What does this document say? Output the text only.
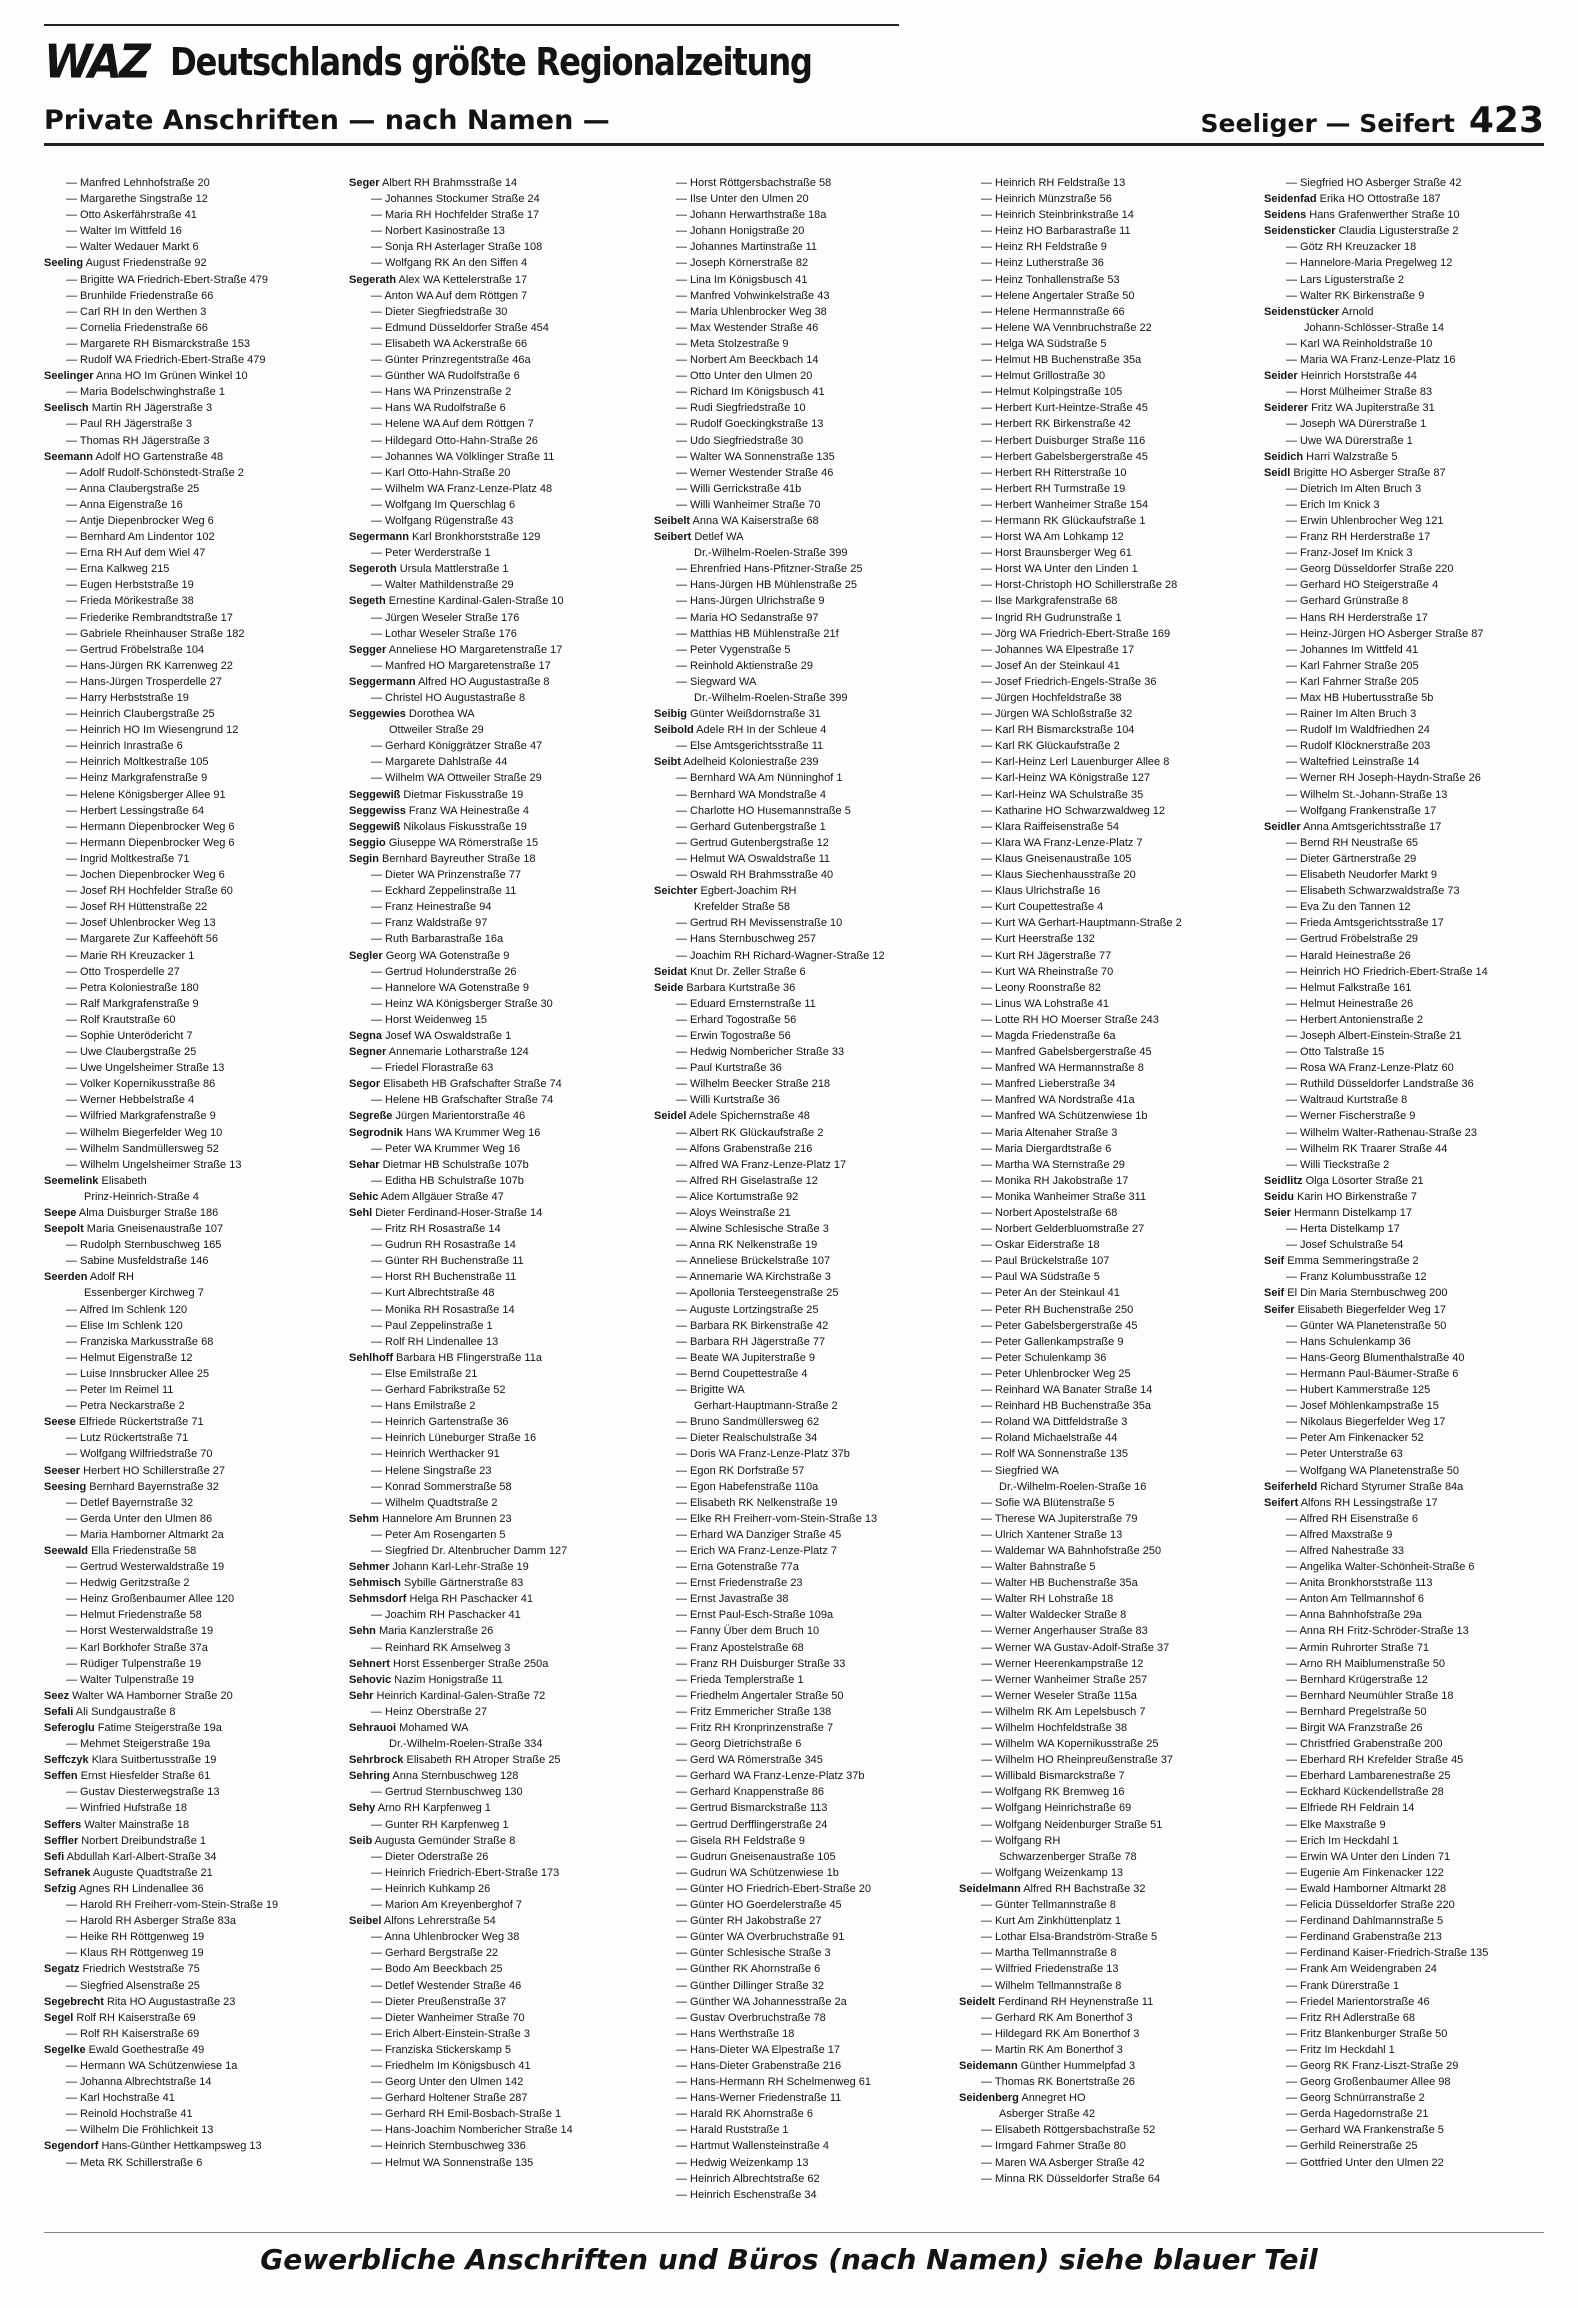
WAZ Deutschlands größte Regionalzeitung
Private Anschriften — nach Namen —	Seeliger — Seifert 423
— Manfred Lehnhofstraße 20
— Margarethe Singstraße 12
— Otto Askerfährstraße 41
— Walter Im Wittfeld 16
— Walter Wedauer Markt 6
Seeling August Friedenstraße 92
— Brigitte WA Friedrich-Ebert-Straße 479
— Brunhilde Friedenstraße 66
— Carl RH In den Werthen 3
— Cornelia Friedenstraße 66
— Margarete RH Bismarckstraße 153
— Rudolf WA Friedrich-Ebert-Straße 479
Seelinger Anna HO Im Grünen Winkel 10
— Maria Bodelschwinghstraße 1
Seelisch Martin RH Jägerstraße 3
— Paul RH Jägerstraße 3
— Thomas RH Jägerstraße 3
Seemann Adolf HO Gartenstraße 48
— Adolf Rudolf-Schönstedt-Straße 2
— Anna Claubergstraße 25
— Anna Eigenstraße 16
— Antje Diepenbrocker Weg 6
— Bernhard Am Lindentor 102
— Erna RH Auf dem Wiel 47
— Erna Kalkweg 215
— Eugen Herbststraße 19
— Frieda Mörikestraße 38
— Friederike Rembrandtstraße 17
— Gabriele Rheinhauser Straße 182
— Gertrud Fröbelstraße 104
— Hans-Jürgen RK Karrenweg 22
— Hans-Jürgen Trosperdelle 27
— Harry Herbststraße 19
— Heinrich Claubergstraße 25
— Heinrich HO Im Wiesengrund 12
— Heinrich Inrastraße 6
— Heinrich Moltkestraße 105
— Heinz Markgrafenstraße 9
— Helene Königsberger Allee 91
— Herbert Lessingstraße 64
— Hermann Diepenbrocker Weg 6
— Hermann Diepenbrocker Weg 6
— Ingrid Moltkestraße 71
— Jochen Diepenbrocker Weg 6
— Josef RH Hochfelder Straße 60
— Josef RH Hüttenstraße 22
— Josef Uhlenbrocker Weg 13
— Margarete Zur Kaffeehöft 56
— Marie RH Kreuzacker 1
— Otto Trosperdelle 27
— Petra Koloniestraße 180
— Ralf Markgrafenstraße 9
— Rolf Krautstraße 60
— Sophie Unterödericht 7
— Uwe Claubergstraße 25
— Uwe Ungelsheimer Straße 13
— Volker Kopernikusstraße 86
— Werner Hebbelstraße 4
— Wilfried Markgrafenstraße 9
— Wilhelm Biegerfelder Weg 10
— Wilhelm Sandmüllersweg 52
— Wilhelm Ungelsheimer Straße 13
Seemelink Elisabeth
Prinz-Heinrich-Straße 4
Seepe Alma Duisburger Straße 186
Seepolt Maria Gneisenaustraße 107
— Rudolph Sternbuschweg 165
— Sabine Musfeldstraße 146
Seerden Adolf RH
Essenberger Kirchweg 7
— Alfred Im Schlenk 120
— Elise Im Schlenk 120
— Franziska Markusstraße 68
— Helmut Eigenstraße 12
— Luise Innsbrucker Allee 25
— Peter Im Reimel 11
— Petra Neckarstraße 2
Seese Elfriede Rückertstraße 71
— Lutz Rückertstraße 71
— Wolfgang Wilfriedstraße 70
Seeser Herbert HO Schillerstraße 27
Seesing Bernhard Bayernstraße 32
— Detlef Bayernstraße 32
— Gerda Unter den Ulmen 86
— Maria Hamborner Altmarkt 2a
Seewald Ella Friedenstraße 58
— Gertrud Westerwaldstraße 19
— Hedwig Geritzstraße 2
— Heinz Großenbaumer Allee 120
— Helmut Friedenstraße 58
— Horst Westerwaldstraße 19
— Karl Borkhofer Straße 37a
— Rüdiger Tulpenstraße 19
— Walter Tulpenstraße 19
Seez Walter WA Hamborner Straße 20
Sefali Ali Sundgaustraße 8
Seferoglu Fatime Steigerstraße 19a
— Mehmet Steigerstraße 19a
Seffczyk Klara Suitbertusstraße 19
Seffen Ernst Hiesfelder Straße 61
— Gustav Diesterwegstraße 13
— Winfried Hufstraße 18
Seffers Walter Mainstraße 18
Seffler Norbert Dreibundstraße 1
Sefi Abdullah Karl-Albert-Straße 34
Sefranek Auguste Quadtstraße 21
Sefzig Agnes RH Lindenallee 36
— Harold RH Freiherr-vom-Stein-Straße 19
— Harold RH Asberger Straße 83a
— Heike RH Röttgenweg 19
— Klaus RH Röttgenweg 19
Segatz Friedrich Weststraße 75
— Siegfried Alsenstraße 25
Segebrecht Rita HO Augustastraße 23
Segel Rolf RH Kaiserstraße 69
— Rolf RH Kaiserstraße 69
Segelke Ewald Goethestraße 49
— Hermann WA Schützenwiese 1a
— Johanna Albrechtstraße 14
— Karl Hochstraße 41
— Reinold Hochstraße 41
— Wilhelm Die Fröhlichkeit 13
Segendorf Hans-Günther Hettkampsweg 13
— Meta RK Schillerstraße 6
Seger Albert RH Brahmsstraße 14
— Johannes Stockumer Straße 24
— Maria RH Hochfelder Straße 17
— Norbert Kasinostraße 13
— Sonja RH Asterlager Straße 108
— Wolfgang RK An den Siffen 4
Segerath Alex WA Kettelerstraße 17
— Anton WA Auf dem Röttgen 7
— Dieter Siegfriedstraße 30
— Edmund Düsseldorfer Straße 454
— Elisabeth WA Ackerstraße 66
— Günter Prinzregentstraße 46a
— Günther WA Rudolfstraße 6
— Hans WA Prinzenstraße 2
— Hans WA Rudolfstraße 6
— Helene WA Auf dem Röttgen 7
— Hildegard Otto-Hahn-Straße 26
— Johannes WA Völklinger Straße 11
— Karl Otto-Hahn-Straße 20
— Wilhelm WA Franz-Lenze-Platz 48
— Wolfgang Im Querschlag 6
— Wolfgang Rügenstraße 43
Segermann Karl Bronkhorststraße 129
— Peter Werderstraße 1
Segeroth Ursula Mattlerstraße 1
— Walter Mathildenstraße 29
Segeth Ernestine Kardinal-Galen-Straße 10
— Jürgen Weseler Straße 176
— Lothar Weseler Straße 176
Segger Anneliese HO Margaretenstraße 17
— Manfred HO Margaretenstraße 17
Seggermann Alfred HO Augustastraße 8
— Christel HO Augustastraße 8
Seggewies Dorothea WA
Ottweiler Straße 29
— Gerhard Königgrätzer Straße 47
— Margarete Dahlstraße 44
— Wilhelm WA Ottweiler Straße 29
Seggewiß Dietmar Fiskusstraße 19
Seggewiss Franz WA Heinestraße 4
Seggewiß Nikolaus Fiskusstraße 19
Seggio Giuseppe WA Römerstraße 15
Segin Bernhard Bayreuther Straße 18
— Dieter WA Prinzenstraße 77
— Eckhard Zeppelinstraße 11
— Franz Heinestraße 94
— Franz Waldstraße 97
— Ruth Barbarastraße 16a
Segler Georg WA Gotenstraße 9
— Gertrud Holunderstraße 26
— Hannelore WA Gotenstraße 9
— Heinz WA Königsberger Straße 30
— Horst Weidenweg 15
Segna Josef WA Oswaldstraße 1
Segner Annemarie Lotharstraße 124
— Friedel Florastraße 63
Segor Elisabeth HB Grafschafter Straße 74
— Helene HB Grafschafter Straße 74
Segreße Jürgen Marientorstraße 46
Segrodnik Hans WA Krummer Weg 16
— Peter WA Krummer Weg 16
Sehar Dietmar HB Schulstraße 107b
— Editha HB Schulstraße 107b
Sehic Adem Allgäuer Straße 47
Sehl Dieter Ferdinand-Hoser-Straße 14
— Fritz RH Rosastraße 14
— Gudrun RH Rosastraße 14
— Günter RH Buchenstraße 11
— Horst RH Buchenstraße 11
— Kurt Albrechtstraße 48
— Monika RH Rosastraße 14
— Paul Zeppelinstraße 1
— Rolf RH Lindenallee 13
Sehlhoff Barbara HB Flingerstraße 11a
— Else Emilstraße 21
— Gerhard Fabrikstraße 52
— Hans Emilstraße 2
— Heinrich Gartenstraße 36
— Heinrich Lüneburger Straße 16
— Heinrich Werthacker 91
— Helene Singstraße 23
— Konrad Sommerstraße 58
— Wilhelm Quadtstraße 2
Sehm Hannelore Am Brunnen 23
— Peter Am Rosengarten 5
— Siegfried Dr. Altenbrucher Damm 127
Sehmer Johann Karl-Lehr-Straße 19
Sehmisch Sybille Gärtnerstraße 83
Sehmsdorf Helga RH Paschacker 41
— Joachim RH Paschacker 41
Sehn Maria Kanzlerstraße 26
— Reinhard RK Amselweg 3
Sehnert Horst Essenberger Straße 250a
Sehovic Nazim Honigstraße 11
Sehr Heinrich Kardinal-Galen-Straße 72
— Heinz Oberstraße 27
Sehrauoi Mohamed WA
Dr.-Wilhelm-Roelen-Straße 334
Sehrbrock Elisabeth RH Atroper Straße 25
Sehring Anna Sternbuschweg 128
— Gertrud Sternbuschweg 130
Sehy Arno RH Karpfenweg 1
— Gunter RH Karpfenweg 1
Seib Augusta Gemünder Straße 8
— Dieter Oderstraße 26
— Heinrich Friedrich-Ebert-Straße 173
— Heinrich Kuhkamp 26
— Marion Am Kreyenberghof 7
Seibel Alfons Lehrerstraße 54
— Anna Uhlenbrocker Weg 38
— Gerhard Bergstraße 22
— Bodo Am Beeckbach 25
— Detlef Westender Straße 46
— Dieter Preußenstraße 37
— Dieter Wanheimer Straße 70
— Erich Albert-Einstein-Straße 3
— Franziska Stickerskamp 5
— Friedhelm Im Königsbusch 41
— Georg Unter den Ulmen 142
— Gerhard Holtener Straße 287
— Gerhard RH Emil-Bosbach-Straße 1
— Hans-Joachim Nombericher Straße 14
— Heinrich Sternbuschweg 336
— Helmut WA Sonnenstraße 135
— Horst Röttgersbachstraße 58
— Ilse Unter den Ulmen 20
— Johann Herwarthstraße 18a
— Johann Honigstraße 20
— Johannes Martinstraße 11
— Joseph Körnerstraße 82
— Lina Im Königsbusch 41
— Manfred Vohwinkelstraße 43
— Maria Uhlenbrocker Weg 38
— Max Westender Straße 46
— Meta Stolzestraße 9
— Norbert Am Beeckbach 14
— Otto Unter den Ulmen 20
— Richard Im Königsbusch 41
— Rudi Siegfriedstraße 10
— Rudolf Goeckingkstraße 13
— Udo Siegfriedstraße 30
— Walter WA Sonnenstraße 135
— Werner Westender Straße 46
— Willi Gerrickstraße 41b
— Willi Wanheimer Straße 70
Seibelt Anna WA Kaiserstraße 68
Seibert Detlef WA
Dr.-Wilhelm-Roelen-Straße 399
— Ehrenfried Hans-Pfitzner-Straße 25
— Hans-Jürgen HB Mühlenstraße 25
— Hans-Jürgen Ulrichstraße 9
— Maria HO Sedanstraße 97
— Matthias HB Mühlenstraße 21f
— Peter Vygenstraße 5
— Reinhold Aktienstraße 29
— Siegward WA
Dr.-Wilhelm-Roelen-Straße 399
Seibig Günter Weißdornstraße 31
Seibold Adele RH In der Schleue 4
— Else Amtsgerichtsstraße 11
Seibt Adelheid Koloniestraße 239
— Bernhard WA Am Nünninghof 1
— Bernhard WA Mondstraße 4
— Charlotte HO Husemannstraße 5
— Gerhard Gutenbergstraße 1
— Gertrud Gutenbergstraße 12
— Helmut WA Oswaldstraße 11
— Oswald RH Brahmsstraße 40
Seichter Egbert-Joachim RH
Krefelder Straße 58
— Gertrud RH Mevissenstraße 10
— Hans Sternbuschweg 257
— Joachim RH Richard-Wagner-Straße 12
Seidat Knut Dr. Zeller Straße 6
Seide Barbara Kurtstraße 36
— Eduard Ernsternstraße 11
— Erhard Togostraße 56
— Erwin Togostraße 56
— Hedwig Nombericher Straße 33
— Paul Kurtstraße 36
— Wilhelm Beecker Straße 218
— Willi Kurtstraße 36
Seidel Adele Spichernstraße 48
— Albert RK Glückaufstraße 2
— Alfons Grabenstraße 216
— Alfred WA Franz-Lenze-Platz 17
— Alfred RH Giselastraße 12
— Alice Kortumstraße 92
— Aloys Weinstraße 21
— Alwine Schlesische Straße 3
— Anna RK Nelkenstraße 19
— Anneliese Brückelstraße 107
— Annemarie WA Kirchstraße 3
— Apollonia Tersteegenstraße 25
— Auguste Lortzingstraße 25
— Barbara RK Birkenstraße 42
— Barbara RH Jägerstraße 77
— Beate WA Jupiterstraße 9
— Bernd Coupettestraße 4
— Brigitte WA
Gerhart-Hauptmann-Straße 2
— Bruno Sandmüllersweg 62
— Dieter Realschulstraße 34
— Doris WA Franz-Lenze-Platz 37b
— Egon RK Dorfstraße 57
— Egon Habefenstraße 110a
— Elisabeth RK Nelkenstraße 19
— Elke RH Freiherr-vom-Stein-Straße 13
— Erhard WA Danziger Straße 45
— Erich WA Franz-Lenze-Platz 7
— Erna Gotenstraße 77a
— Ernst Friedenstraße 23
— Ernst Javastraße 38
— Ernst Paul-Esch-Straße 109a
— Fanny Über dem Bruch 10
— Franz Apostelstraße 68
— Franz RH Duisburger Straße 33
— Frieda Templerstraße 1
— Friedhelm Angertaler Straße 50
— Fritz Emmericher Straße 138
— Fritz RH Kronprinzenstraße 7
— Georg Dietrichstraße 6
— Gerd WA Römerstraße 345
— Gerhard WA Franz-Lenze-Platz 37b
— Gerhard Knappenstraße 86
— Gertrud Bismarckstraße 113
— Gertrud Derfflingerstraße 24
— Gisela RH Feldstraße 9
— Gudrun Gneisenaustraße 105
— Gudrun WA Schützenwiese 1b
— Günter HO Friedrich-Ebert-Straße 20
— Günter HO Goerdelerstraße 45
— Günter RH Jakobstraße 27
— Günter WA Overbruchstraße 91
— Günter Schlesische Straße 3
— Günther RK Ahornstraße 6
— Günther Dillinger Straße 32
— Günther WA Johannesstraße 2a
— Gustav Overbruchstraße 78
— Hans Werthstraße 18
— Hans-Dieter WA Elpestraße 17
— Hans-Dieter Grabenstraße 216
— Hans-Hermann RH Schelmenweg 61
— Hans-Werner Friedenstraße 11
— Harald RK Ahornstraße 6
— Harald Ruststraße 1
— Hartmut Wallensteinstraße 4
— Hedwig Weizenkamp 13
— Heinrich Albrechtstraße 62
— Heinrich Eschenstraße 34
— Heinrich RH Feldstraße 13
— Heinrich Münzstraße 56
— Heinrich Steinbrinkstraße 14
— Heinz HO Barbarastraße 11
— Heinz RH Feldstraße 9
— Heinz Lutherstraße 36
— Heinz Tonhallenstraße 53
— Helene Angertaler Straße 50
— Helene Hermannstraße 66
— Helene WA Vennbruchstraße 22
— Helga WA Südstraße 5
— Helmut HB Buchenstraße 35a
— Helmut Grillostraße 30
— Helmut Kolpingstraße 105
— Herbert Kurt-Heintze-Straße 45
— Herbert RK Birkenstraße 42
— Herbert Duisburger Straße 116
— Herbert Gabelsbergerstraße 45
— Herbert RH Ritterstraße 10
— Herbert RH Turmstraße 19
— Herbert Wanheimer Straße 154
— Hermann RK Glückaufstraße 1
— Horst WA Am Lohkamp 12
— Horst Braunsberger Weg 61
— Horst WA Unter den Linden 1
— Horst-Christoph HO Schillerstraße 28
— Ilse Markgrafenstraße 68
— Ingrid RH Gudrunstraße 1
— Jörg WA Friedrich-Ebert-Straße 169
— Johannes WA Elpestraße 17
— Josef An der Steinkaul 41
— Josef Friedrich-Engels-Straße 36
— Jürgen Hochfeldstraße 38
— Jürgen WA Schloßstraße 32
— Karl RH Bismarckstraße 104
— Karl RK Glückaufstraße 2
— Karl-Heinz Lerl Lauenburger Allee 8
— Karl-Heinz WA Königstraße 127
— Karl-Heinz WA Schulstraße 35
— Katharine HO Schwarzwaldweg 12
— Klara Raiffeisenstraße 54
— Klara WA Franz-Lenze-Platz 7
— Klaus Gneisenaustraße 105
— Klaus Siechenhausstraße 20
— Klaus Ulrichstraße 16
— Kurt Coupettestraße 4
— Kurt WA Gerhart-Hauptmann-Straße 2
— Kurt Heerstraße 132
— Kurt RH Jägerstraße 77
— Kurt WA Rheinstraße 70
— Leony Roonstraße 82
— Linus WA Lohstraße 41
— Lotte RH HO Moerser Straße 243
— Magda Friedenstraße 6a
— Manfred Gabelsbergerstraße 45
— Manfred WA Hermannstraße 8
— Manfred Lieberstraße 34
— Manfred WA Nordstraße 41a
— Manfred WA Schützenwiese 1b
— Maria Altenaher Straße 3
— Maria Diergardtstraße 6
— Martha WA Sternstraße 29
— Monika RH Jakobstraße 17
— Monika Wanheimer Straße 311
— Norbert Apostelstraße 68
— Norbert Gelderbluomstraße 27
— Oskar Eiderstraße 18
— Paul Brückelstraße 107
— Paul WA Südstraße 5
— Peter An der Steinkaul 41
— Peter RH Buchenstraße 250
— Peter Gabelsbergerstraße 45
— Peter Gallenkampstraße 9
— Peter Schulenkamp 36
— Peter Uhlenbrocker Weg 25
— Reinhard WA Banater Straße 14
— Reinhard HB Buchenstraße 35a
— Roland WA Dittfeldstraße 3
— Roland Michaelstraße 44
— Rolf WA Sonnenstraße 135
— Siegfried WA
Dr.-Wilhelm-Roelen-Straße 16
— Sofie WA Blütenstraße 5
— Therese WA Jupiterstraße 79
— Ulrich Xantener Straße 13
— Waldemar WA Bahnhofstraße 250
— Walter Bahnstraße 5
— Walter HB Buchenstraße 35a
— Walter RH Lohstraße 18
— Walter Waldecker Straße 8
— Werner Angerhauser Straße 83
— Werner WA Gustav-Adolf-Straße 37
— Werner Heerenkampstraße 12
— Werner Wanheimer Straße 257
— Werner Weseler Straße 115a
— Wilhelm RK Am Lepelsbusch 7
— Wilhelm Hochfeldstraße 38
— Wilhelm WA Kopernikusstraße 25
— Wilhelm HO Rheinpreußenstraße 37
— Willibald Bismarckstraße 7
— Wolfgang RK Bremweg 16
— Wolfgang Heinrichstraße 69
— Wolfgang Neidenburger Straße 51
— Wolfgang RH
Schwarzenberger Straße 78
— Wolfgang Weizenkamp 13
Seidelmann Alfred RH Bachstraße 32
— Günter Tellmannstraße 8
— Kurt Am Zinkhüttenplatz 1
— Lothar Elsa-Brandström-Straße 5
— Martha Tellmannstraße 8
— Wilfried Friedenstraße 13
— Wilhelm Tellmannstraße 8
Seidelt Ferdinand RH Heynenstraße 11
— Gerhard RK Am Bonerthof 3
— Hildegard RK Am Bonerthof 3
— Martin RK Am Bonerthof 3
Seidemann Günther Hummelpfad 3
— Thomas RK Bonertstraße 26
Seidenberg Annegret HO
Asberger Straße 42
— Elisabeth Röttgersbachstraße 52
— Irmgard Fahrner Straße 80
— Maren WA Asberger Straße 42
— Minna RK Düsseldorfer Straße 64
— Siegfried HO Asberger Straße 42
Seidenfad Erika HO Ottostraße 187
Seidens Hans Grafenwerther Straße 10
Seidensticker Claudia Ligusterstraße 2
— Götz RH Kreuzacker 18
— Hannelore-Maria Pregelweg 12
— Lars Ligusterstraße 2
— Walter RK Birkenstraße 9
Seidenstücker Arnold
Johann-Schlösser-Straße 14
— Karl WA Reinholdstraße 10
— Maria WA Franz-Lenze-Platz 16
Seider Heinrich Horststraße 44
— Horst Mülheimer Straße 83
Seiderer Fritz WA Jupiterstraße 31
— Joseph WA Dürerstraße 1
— Uwe WA Dürerstraße 1
Seidich Harri Walzstraße 5
Seidl Brigitte HO Asberger Straße 87
— Dietrich Im Alten Bruch 3
— Erich Im Knick 3
— Erwin Uhlenbrocher Weg 121
— Franz RH Herderstraße 17
— Franz-Josef Im Knick 3
— Georg Düsseldorfer Straße 220
— Gerhard HO Steigerstraße 4
— Gerhard Grünstraße 8
— Hans RH Herderstraße 17
— Heinz-Jürgen HO Asberger Straße 87
— Johannes Im Wittfeld 41
— Karl Fahrner Straße 205
— Karl Fahrner Straße 205
— Max HB Hubertusstraße 5b
— Rainer Im Alten Bruch 3
— Rudolf Im Waldfriedhen 24
— Rudolf Klöcknerstraße 203
— Waltefried Leinstraße 14
— Werner RH Joseph-Haydn-Straße 26
— Wilhelm St.-Johann-Straße 13
— Wolfgang Frankenstraße 17
Seidler Anna Amtsgerichtsstraße 17
— Bernd RH Neustraße 65
— Dieter Gärtnerstraße 29
— Elisabeth Neudorfer Markt 9
— Elisabeth Schwarzwaldstraße 73
— Eva Zu den Tannen 12
— Frieda Amtsgerichtsstraße 17
— Gertrud Fröbelstraße 29
— Harald Heinestraße 26
— Heinrich HO Friedrich-Ebert-Straße 14
— Helmut Falkstraße 161
— Helmut Heinestraße 26
— Herbert Antonienstraße 2
— Joseph Albert-Einstein-Straße 21
— Otto Talstraße 15
— Rosa WA Franz-Lenze-Platz 60
— Ruthild Düsseldorfer Landstraße 36
— Waltraud Kurtstraße 8
— Werner Fischerstraße 9
— Wilhelm Walter-Rathenau-Straße 23
— Wilhelm RK Traarer Straße 44
— Willi Tieckstraße 2
Seidlitz Olga Lösorter Straße 21
Seidu Karin HO Birkenstraße 7
Seier Hermann Distelkamp 17
— Herta Distelkamp 17
— Josef Schulstraße 54
Seif Emma Semmeringstraße 2
— Franz Kolumbusstraße 12
Seif El Din Maria Sternbuschweg 200
Seifer Elisabeth Biegerfelder Weg 17
— Günter WA Planetenstraße 50
— Hans Schulenkamp 36
— Hans-Georg Blumenthalstraße 40
— Hermann Paul-Bäumer-Straße 6
— Hubert Kammerstraße 125
— Josef Möhlenkampstraße 15
— Nikolaus Biegerfelder Weg 17
— Peter Am Finkenacker 52
— Peter Unterstraße 63
— Wolfgang WA Planetenstraße 50
Seiferheld Richard Styrumer Straße 84a
Seifert Alfons RH Lessingstraße 17
— Alfred RH Eisenstraße 6
— Alfred Maxstraße 9
— Alfred Nahestraße 33
— Angelika Walter-Schönheit-Straße 6
— Anita Bronkhorststraße 113
— Anton Am Tellmannshof 6
— Anna Bahnhofstraße 29a
— Anna RH Fritz-Schröder-Straße 13
— Armin Ruhrorter Straße 71
— Arno RH Maiblumenstraße 50
— Bernhard Krügerstraße 12
— Bernhard Neumühler Straße 18
— Bernhard Pregelstraße 50
— Birgit WA Franzstraße 26
— Christfried Grabenstraße 200
— Eberhard RH Krefelder Straße 45
— Eberhard Lambarenestraße 25
— Eckhard Kückendellstraße 28
— Elfriede RH Feldrain 14
— Elke Maxstraße 9
— Erich Im Heckdahl 1
— Erwin WA Unter den Linden 71
— Eugenie Am Finkenacker 122
— Ewald Hamborner Altmarkt 28
— Felicia Düsseldorfer Straße 220
— Ferdinand Dahlmannstraße 5
— Ferdinand Grabenstraße 213
— Ferdinand Kaiser-Friedrich-Straße 135
— Frank Am Weidengraben 24
— Frank Dürerstraße 1
— Friedel Marientorstraße 46
— Fritz RH Adlerstraße 68
— Fritz Blankenburger Straße 50
— Fritz Im Heckdahl 1
— Georg RK Franz-Liszt-Straße 29
— Georg Großenbaumer Allee 98
— Georg Schnürranstraße 2
— Gerda Hagedornstraße 21
— Gerhard WA Frankenstraße 5
— Gerhild Reinerstraße 25
— Gottfried Unter den Ulmen 22
Gewerbliche Anschriften und Büros (nach Namen) siehe blauer Teil
